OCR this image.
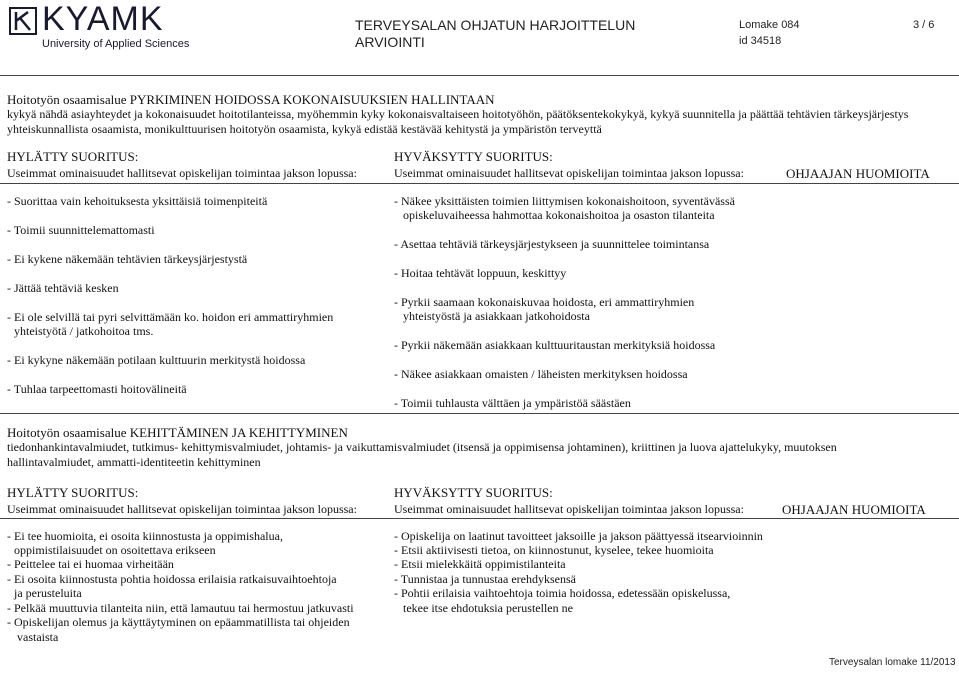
KYAMK
University of Applied Sciences
TERVEYSALAN OHJATUN HARJOITTELUN
ARVIOINTI
Lomake 084
id 34518
3 / 6
Hoitotyön osaamisalue PYRKIMINEN HOIDOSSA KOKONAISUUKSIEN HALLINTAAN
kykyä nähdä asiayhteydet ja kokonaisuudet hoitotilanteissa, myöhemmin kyky kokonaisvaltaiseen hoitotyöhön, päätöksentekokykyä, kykyä suunnitella ja päättää tehtävien tärkeysjärjestys
yhteiskunnallista osaamista, monikulttuurisen hoitotyön osaamista, kykyä edistää kestävää kehitystä ja ympäristön terveyttä
HYLÄTTY SUORITUS:
Useimmat ominaisuudet hallitsevat opiskelijan toimintaa jakson lopussa:
HYVÄKSYTTY SUORITUS:
Useimmat ominaisuudet hallitsevat opiskelijan toimintaa jakson lopussa:	OHJAAJAN HUOMIOITA
- Suorittaa vain kehoituksesta yksittäisiä toimenpiteitä
- Toimii suunnittelemattomasti
- Ei kykene näkemään tehtävien tärkeysjärjestystä
- Jättää tehtäviä kesken
- Ei ole selvillä tai pyri selvittämään ko. hoidon eri ammattiryhmien
yhteistyötä / jatkohoitoa tms.
- Ei kykyne näkemään potilaan kulttuurin merkitystä hoidossa
- Tuhlaa tarpeettomasti hoitovälineitä
- Näkee yksittäisten toimien liittymisen kokonaishoitoon, syventävässä
opiskeluvaiheessa hahmottaa kokonaishoitoa ja osaston tilanteita
- Asettaa tehtäviä tärkeysjärjestykseen ja suunnittelee toimintansa
- Hoitaa tehtävät loppuun, keskittyy
- Pyrkii saamaan kokonaiskuvaa hoidosta, eri ammattiryhmien
yhteistyöstä ja asiakkaan jatkohoidosta
- Pyrkii näkemään asiakkaan kulttuuritaustan merkityksiä hoidossa
- Näkee asiakkaan omaisten / läheisten merkityksen hoidossa
- Toimii tuhlausta välttäen ja ympäristöä säästäen
Hoitotyön osaamisalue KEHITTÄMINEN JA KEHITTYMINEN
tiedonhankintavalmiudet, tutkimus- kehittymisvalmiudet, johtamis- ja vaikuttamisvalmiudet (itsensä ja oppimisensa johtaminen), kriittinen ja luova ajattelukyky, muutoksen
hallintavalmiudet, ammatti-identiteetin kehittyminen
HYLÄTTY SUORITUS:
Useimmat ominaisuudet hallitsevat opiskelijan toimintaa jakson lopussa:
HYVÄKSYTTY SUORITUS:
Useimmat ominaisuudet hallitsevat opiskelijan toimintaa jakson lopussa:	OHJAAJAN HUOMIOITA
- Ei tee huomioita, ei osoita kiinnostusta ja oppimishalua,
oppimistilaisuudet on osoitettava erikseen
- Peittelee tai ei huomaa virheitään
- Ei osoita kiinnostusta pohtia hoidossa erilaisia ratkaisuvaihtoehtoja
ja perusteluita
- Pelkää muuttuvia tilanteita niin, että lamautuu tai hermostuu jatkuvasti
- Opiskelijan olemus ja käyttäytyminen on epäammatillista tai ohjeiden
vastaista
- Opiskelija on laatinut tavoitteet jaksoille ja jakson päättyessä itsearvioinnin
- Etsii aktiivisesti tietoa, on kiinnostunut, kyselee, tekee huomioita
- Etsii mielekkäitä oppimistilanteita
- Tunnistaa ja tunnustaa erehdyksensä
- Pohtii erilaisia vaihtoehtoja toimia hoidossa, edetessään opiskelussa,
tekee itse ehdotuksia perustellen ne
Terveysalan lomake 11/2013
